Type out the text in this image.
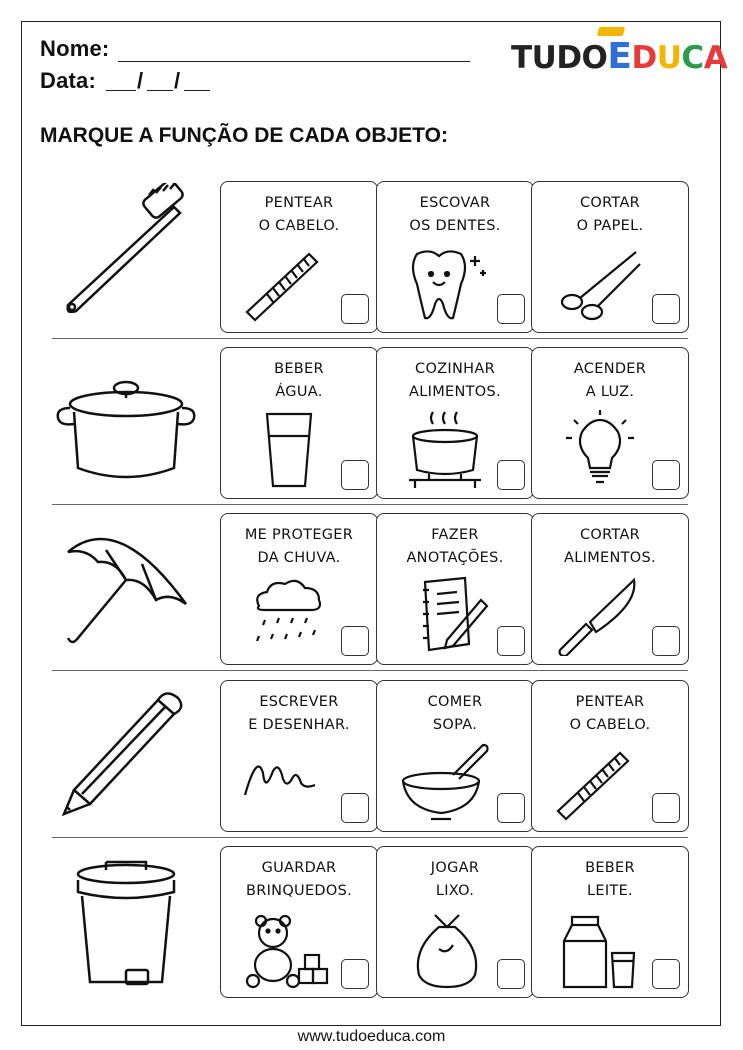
Nome:
Data: / /
TUDOEDUCA
MARQUE A FUNÇÃO DE CADA OBJETO:
PENTEAR
O CABELO.
ESCOVAR
OS DENTES.
CORTAR
O PAPEL.
BEBER
ÁGUA.
COZINHAR
ALIMENTOS.
ACENDER
A LUZ.
ME PROTEGER
DA CHUVA.
FAZER
ANOTAÇÕES.
CORTAR
ALIMENTOS.
ESCREVER
E DESENHAR.
COMER
SOPA.
PENTEAR
O CABELO.
GUARDAR
BRINQUEDOS.
JOGAR
LIXO.
BEBER
LEITE.
www.tudoeduca.com
